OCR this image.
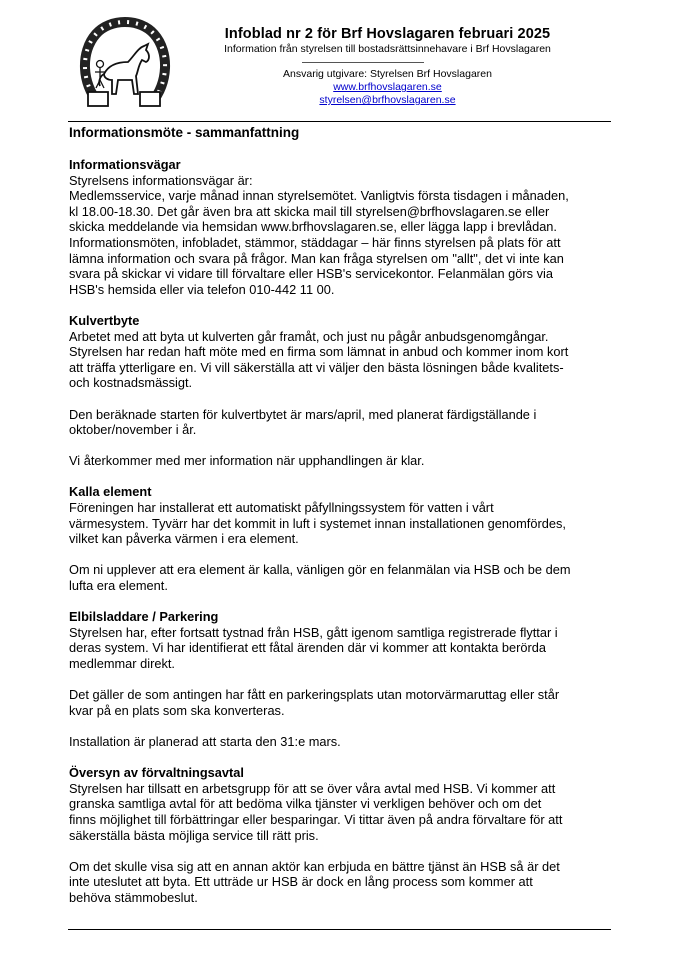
Infoblad nr 2 för Brf Hovslagaren februari 2025
Information från styrelsen till bostadsrättsinnehavare i Brf Hovslagaren
Ansvarig utgivare: Styrelsen Brf Hovslagaren
www.brfhovslagaren.se
styrelsen@brfhovslagaren.se
Informationsmöte - sammanfattning
Informationsvägar
Styrelsens informationsvägar är:
Medlemsservice, varje månad innan styrelsemötet. Vanligtvis första tisdagen i månaden,
kl 18.00-18.30. Det går även bra att skicka mail till styrelsen@brfhovslagaren.se eller
skicka meddelande via hemsidan www.brfhovslagaren.se, eller lägga lapp i brevlådan.
Informationsmöten, infobladet, stämmor, städdagar – här finns styrelsen på plats för att
lämna information och svara på frågor. Man kan fråga styrelsen om "allt", det vi inte kan
svara på skickar vi vidare till förvaltare eller HSB's servicekontor. Felanmälan görs via
HSB's hemsida eller via telefon 010-442 11 00.
Kulvertbyte
Arbetet med att byta ut kulverten går framåt, och just nu pågår anbudsgenomgångar.
Styrelsen har redan haft möte med en firma som lämnat in anbud och kommer inom kort
att träffa ytterligare en. Vi vill säkerställa att vi väljer den bästa lösningen både kvalitets-
och kostnadsmässigt.
Den beräknade starten för kulvertbytet är mars/april, med planerat färdigställande i
oktober/november i år.
Vi återkommer med mer information när upphandlingen är klar.
Kalla element
Föreningen har installerat ett automatiskt påfyllningssystem för vatten i vårt
värmesystem. Tyvärr har det kommit in luft i systemet innan installationen genomfördes,
vilket kan påverka värmen i era element.
Om ni upplever att era element är kalla, vänligen gör en felanmälan via HSB och be dem
lufta era element.
Elbilsladdare / Parkering
Styrelsen har, efter fortsatt tystnad från HSB, gått igenom samtliga registrerade flyttar i
deras system. Vi har identifierat ett fåtal ärenden där vi kommer att kontakta berörda
medlemmar direkt.
Det gäller de som antingen har fått en parkeringsplats utan motorvärmaruttag eller står
kvar på en plats som ska konverteras.
Installation är planerad att starta den 31:e mars.
Översyn av förvaltningsavtal
Styrelsen har tillsatt en arbetsgrupp för att se över våra avtal med HSB. Vi kommer att
granska samtliga avtal för att bedöma vilka tjänster vi verkligen behöver och om det
finns möjlighet till förbättringar eller besparingar. Vi tittar även på andra förvaltare för att
säkerställa bästa möjliga service till rätt pris.
Om det skulle visa sig att en annan aktör kan erbjuda en bättre tjänst än HSB så är det
inte uteslutet att byta. Ett utträde ur HSB är dock en lång process som kommer att
behöva stämmobeslut.
